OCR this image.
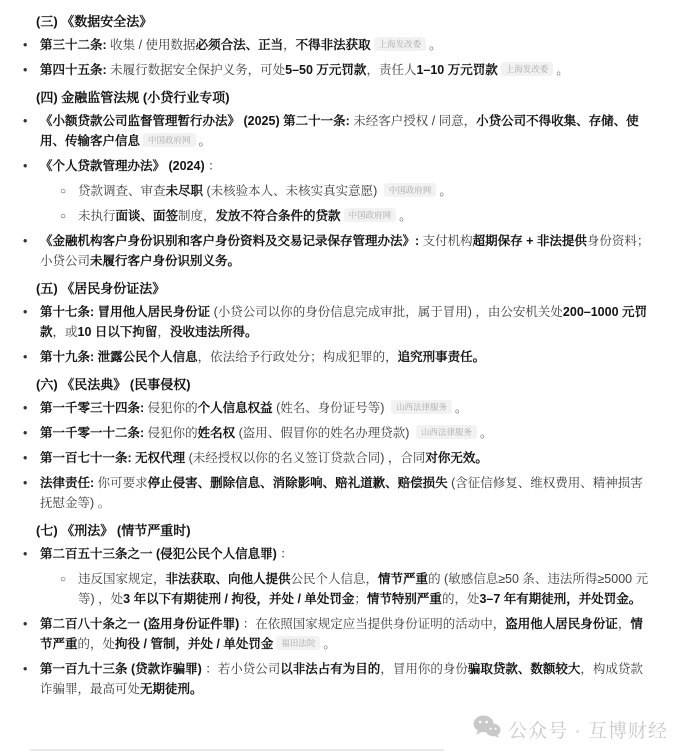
(三) 《数据安全法》
• 第三十二条: 收集 / 使用数据必须合法、正当，不得非法获取 上海发改委 。
• 第四十五条: 未履行数据安全保护义务，可处5–50 万元罚款，责任人1–10 万元罚款 上海发改委 。
(四) 金融监管法规 (小贷行业专项)
• 《小额贷款公司监督管理暂行办法》 (2025) 第二十一条: 未经客户授权 / 同意，小贷公司不得收集、存储、使用、传输客户信息 中国政府网 。
• 《个人贷款管理办法》 (2024) ：
○ 贷款调查、审查未尽职 (未核验本人、未核实真实意愿) 中国政府网 。
○ 未执行面谈、面签制度，发放不符合条件的贷款 中国政府网 。
• 《金融机构客户身份识别和客户身份资料及交易记录保存管理办法》: 支付机构超期保存 + 非法提供身份资料；小贷公司未履行客户身份识别义务。
(五) 《居民身份证法》
• 第十七条: 冒用他人居民身份证 (小贷公司以你的身份信息完成审批，属于冒用) ，由公安机关处200–1000 元罚款，或10 日以下拘留，没收违法所得。
• 第十九条: 泄露公民个人信息，依法给予行政处分；构成犯罪的，追究刑事责任。
(六) 《民法典》 (民事侵权)
• 第一千零三十四条: 侵犯你的个人信息权益 (姓名、身份证号等) 山西法律服务 。
• 第一千零一十二条: 侵犯你的姓名权 (盗用、假冒你的姓名办理贷款) 山西法律服务 。
• 第一百七十一条: 无权代理 (未经授权以你的名义签订贷款合同) ，合同对你无效。
• 法律责任: 你可要求停止侵害、删除信息、消除影响、赔礼道歉、赔偿损失 (含征信修复、维权费用、精神损害抚慰金等) 。
(七) 《刑法》 (情节严重时)
• 第二百五十三条之一 (侵犯公民个人信息罪) ：
○ 违反国家规定，非法获取、向他人提供公民个人信息，情节严重的 (敏感信息≥50 条、违法所得≥5000 元等) ，处3 年以下有期徒刑 / 拘役，并处 / 单处罚金；情节特别严重的，处3–7 年有期徒刑，并处罚金。
• 第二百八十条之一 (盗用身份证件罪) ：在依照国家规定应当提供身份证明的活动中，盗用他人居民身份证，情节严重的，处拘役 / 管制，并处 / 单处罚金 福田法院 。
• 第一百九十三条 (贷款诈骗罪) ：若小贷公司以非法占有为目的，冒用你的身份骗取贷款、数额较大，构成贷款诈骗罪，最高可处无期徒刑。
公众号 · 互博财经
